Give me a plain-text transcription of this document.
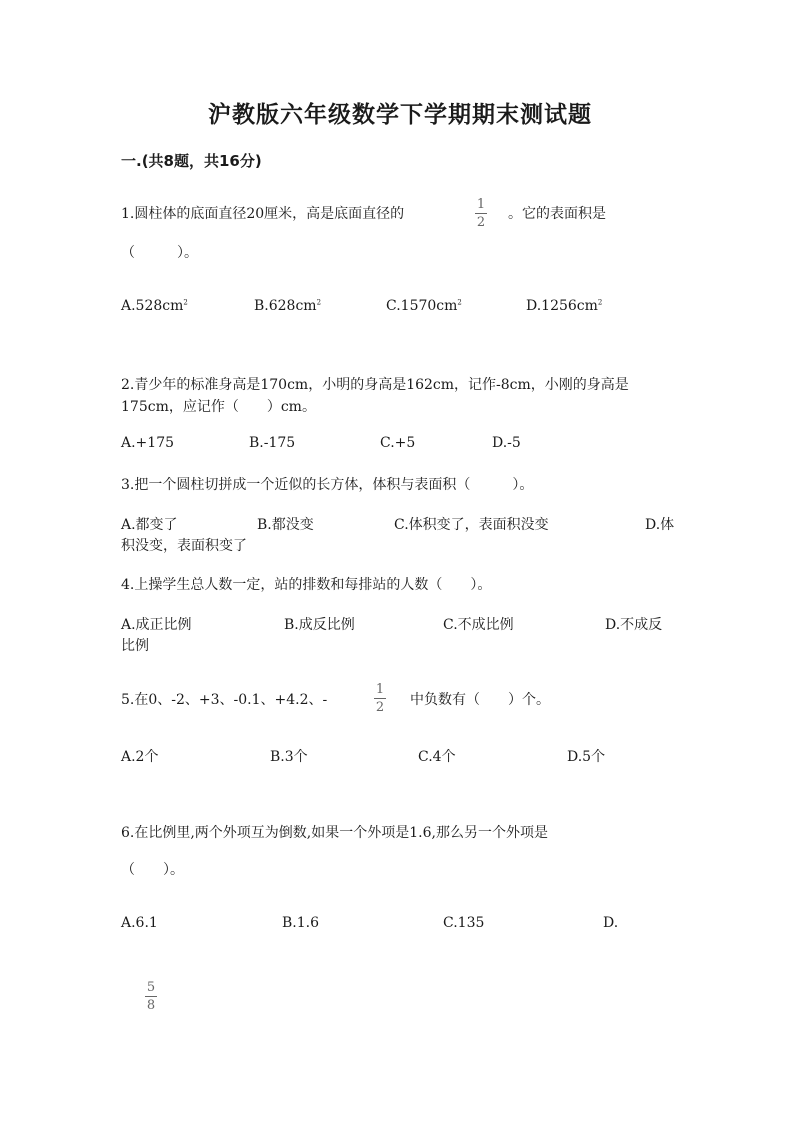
沪教版六年级数学下学期期末测试题
一.(共8题，共16分)
1.圆柱体的底面直径20厘米，高是底面直径的
1
2
。它的表面积是
（　　　）。
$A.528cm^2$	$B.628cm^2$	$C.1570cm^2$	$D.1256cm^2$
2.青少年的标准身高是170cm，小明的身高是162cm，记作-8cm，小刚的身高是
175cm，应记作（　　）cm。
A.+175	B.-175	C.+5	D.-5
3.把一个圆柱切拼成一个近似的长方体，体积与表面积（　　　）。
A.都变了	B.都没变	C.体积变了，表面积没变	D.体
积没变，表面积变了
4.上操学生总人数一定，站的排数和每排站的人数（　　）。
A.成正比例	B.成反比例	C.不成比例	D.不成反
比例
5.在0、-2、+3、-0.1、+4.2、-
1
2 中负数有（　　）个。
A.2个	B.3个	C.4个	D.5个
6.在比例里,两个外项互为倒数,如果一个外项是1.6,那么另一个外项是
（　　）。
A.6.1	B.1.6	C.135	D.
5
8
